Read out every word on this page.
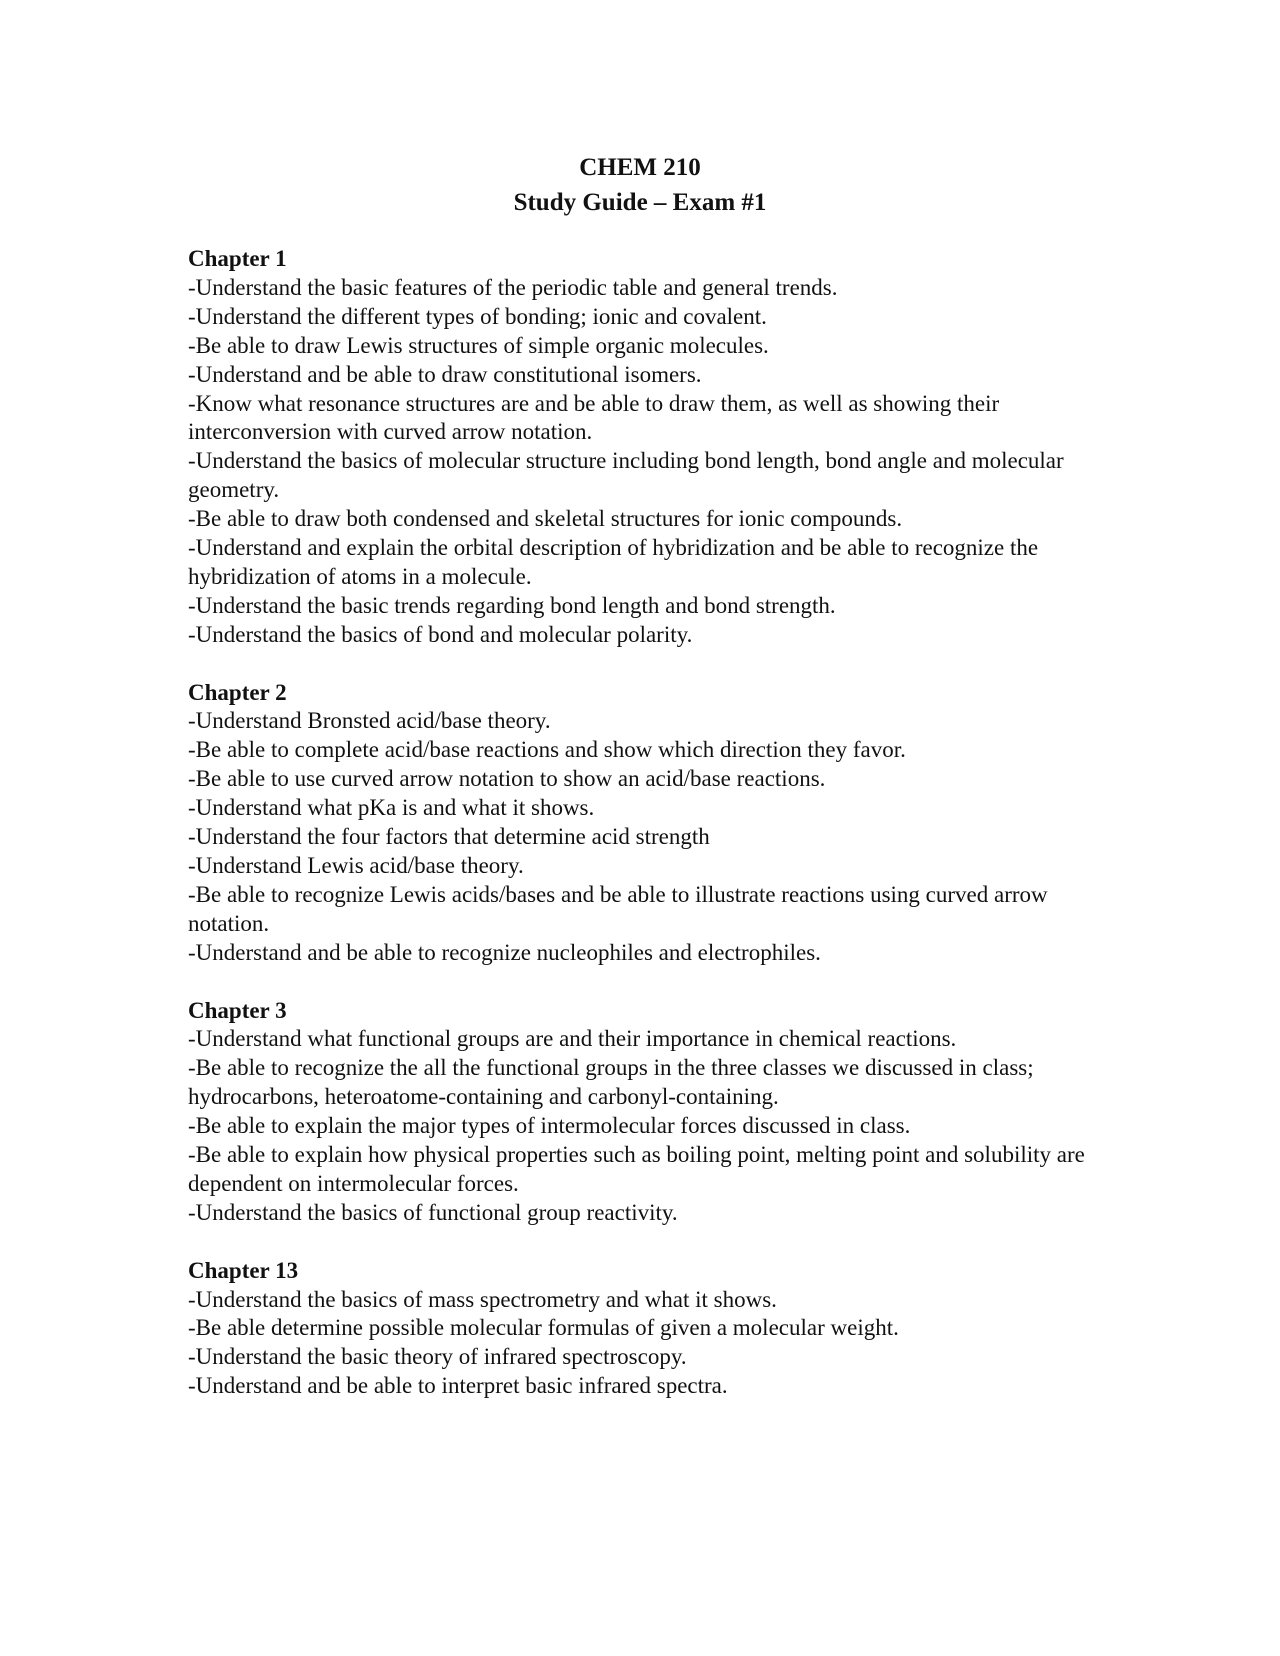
CHEM 210
Study Guide – Exam #1
Chapter 1
-Understand the basic features of the periodic table and general trends.
-Understand the different types of bonding; ionic and covalent.
-Be able to draw Lewis structures of simple organic molecules.
-Understand and be able to draw constitutional isomers.
-Know what resonance structures are and be able to draw them, as well as showing their interconversion with curved arrow notation.
-Understand the basics of molecular structure including bond length, bond angle and molecular geometry.
-Be able to draw both condensed and skeletal structures for ionic compounds.
-Understand and explain the orbital description of hybridization and be able to recognize the hybridization of atoms in a molecule.
-Understand the basic trends regarding bond length and bond strength.
-Understand the basics of bond and molecular polarity.
Chapter 2
-Understand Bronsted acid/base theory.
-Be able to complete acid/base reactions and show which direction they favor.
-Be able to use curved arrow notation to show an acid/base reactions.
-Understand what pKa is and what it shows.
-Understand the four factors that determine acid strength
-Understand Lewis acid/base theory.
-Be able to recognize Lewis acids/bases and be able to illustrate reactions using curved arrow notation.
-Understand and be able to recognize nucleophiles and electrophiles.
Chapter 3
-Understand what functional groups are and their importance in chemical reactions.
-Be able to recognize the all the functional groups in the three classes we discussed in class; hydrocarbons, heteroatome-containing and carbonyl-containing.
-Be able to explain the major types of intermolecular forces discussed in class.
-Be able to explain how physical properties such as boiling point, melting point and solubility are dependent on intermolecular forces.
-Understand the basics of functional group reactivity.
Chapter 13
-Understand the basics of mass spectrometry and what it shows.
-Be able determine possible molecular formulas of given a molecular weight.
-Understand the basic theory of infrared spectroscopy.
-Understand and be able to interpret basic infrared spectra.
